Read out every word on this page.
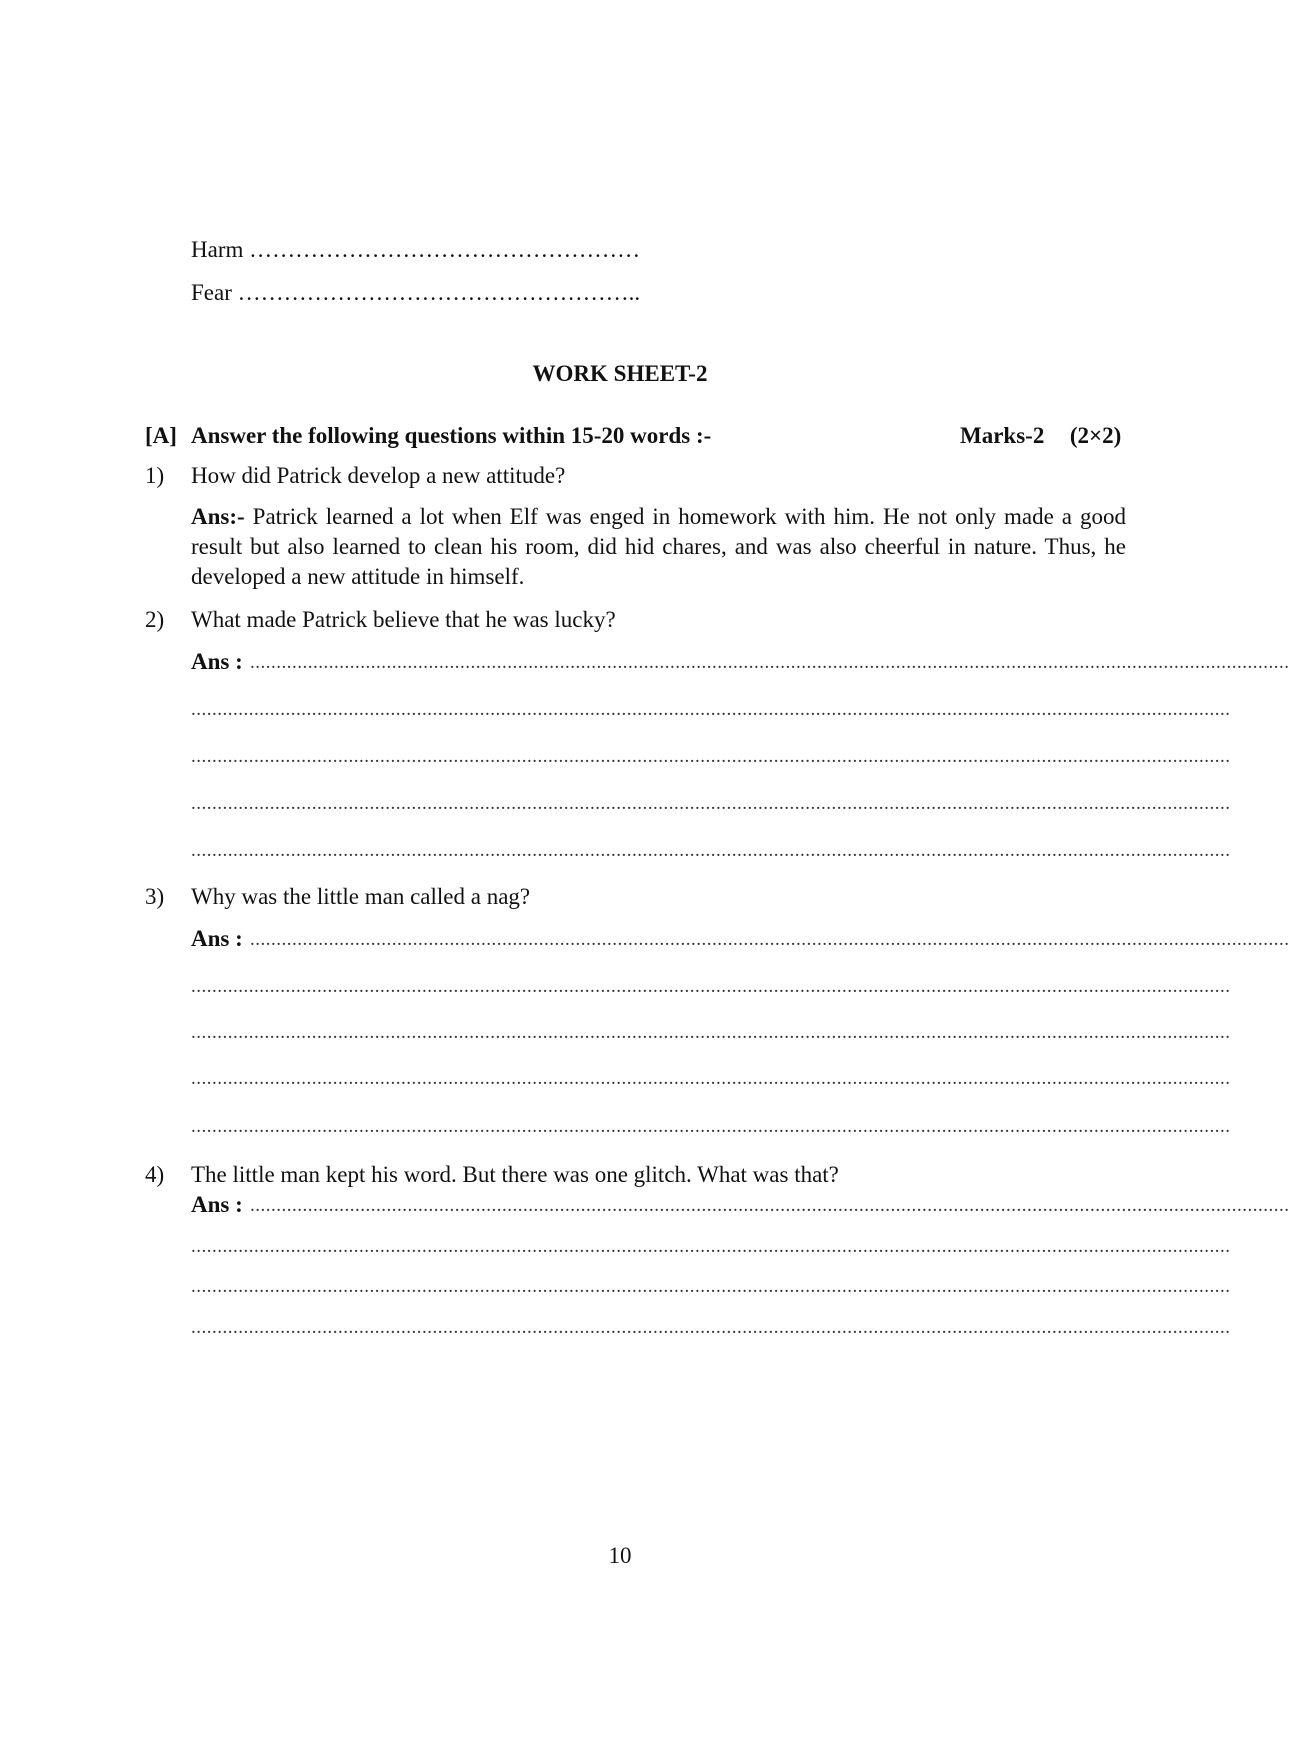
Harm ……………………………………………
Fear ……………………………………………..
WORK SHEET-2
[A] Answer the following questions within 15-20 words :-	Marks-2 (2×2)
1) How did Patrick develop a new attitude?
Ans:- Patrick learned a lot when Elf was enged in homework with him. He not only made a good result but also learned to clean his room, did hid chares, and was also cheerful in nature. Thus, he developed a new attitude in himself.
2) What made Patrick believe that he was lucky?
Ans : ......................................................................................................................................................................................................
......................................................................................................................................................................................................
......................................................................................................................................................................................................
......................................................................................................................................................................................................
......................................................................................................................................................................................................
3) Why was the little man called a nag?
Ans : ......................................................................................................................................................................................................
......................................................................................................................................................................................................
......................................................................................................................................................................................................
......................................................................................................................................................................................................
......................................................................................................................................................................................................
4) The little man kept his word. But there was one glitch. What was that?
Ans : ......................................................................................................................................................................................................
......................................................................................................................................................................................................
......................................................................................................................................................................................................
......................................................................................................................................................................................................
10
